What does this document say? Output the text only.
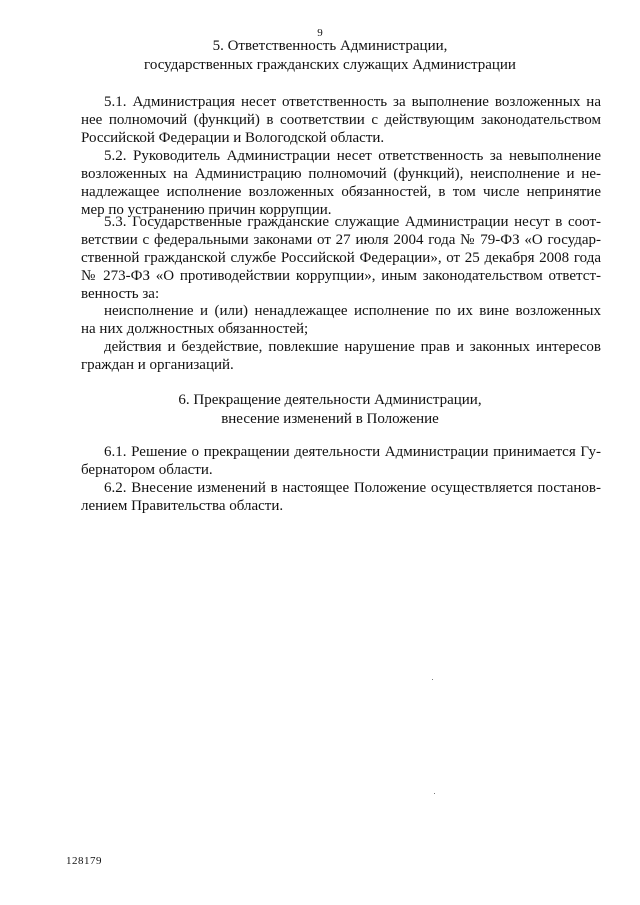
9
5. Ответственность Администрации,
государственных гражданских служащих Администрации
5.1. Администрация несет ответственность за выполнение возложенных на
нее полномочий (функций) в соответствии с действующим законодательством
Российской Федерации и Вологодской области.
5.2. Руководитель Администрации несет ответственность за невыполнение
возложенных на Администрацию полномочий (функций), неисполнение и не-
надлежащее исполнение возложенных обязанностей, в том числе непринятие
мер по устранению причин коррупции.
5.3. Государственные гражданские служащие Администрации несут в соот-
ветствии с федеральными законами от 27 июля 2004 года № 79-ФЗ «О государ-
ственной гражданской службе Российской Федерации», от 25 декабря 2008 года
№ 273-ФЗ «О противодействии коррупции», иным законодательством ответст-
венность за:
неисполнение и (или) ненадлежащее исполнение по их вине возложенных
на них должностных обязанностей;
действия и бездействие, повлекшие нарушение прав и законных интересов
граждан и организаций.
6. Прекращение деятельности Администрации,
внесение изменений в Положение
6.1. Решение о прекращении деятельности Администрации принимается Гу-
бернатором области.
6.2. Внесение изменений в настоящее Положение осуществляется постанов-
лением Правительства области.
128179
